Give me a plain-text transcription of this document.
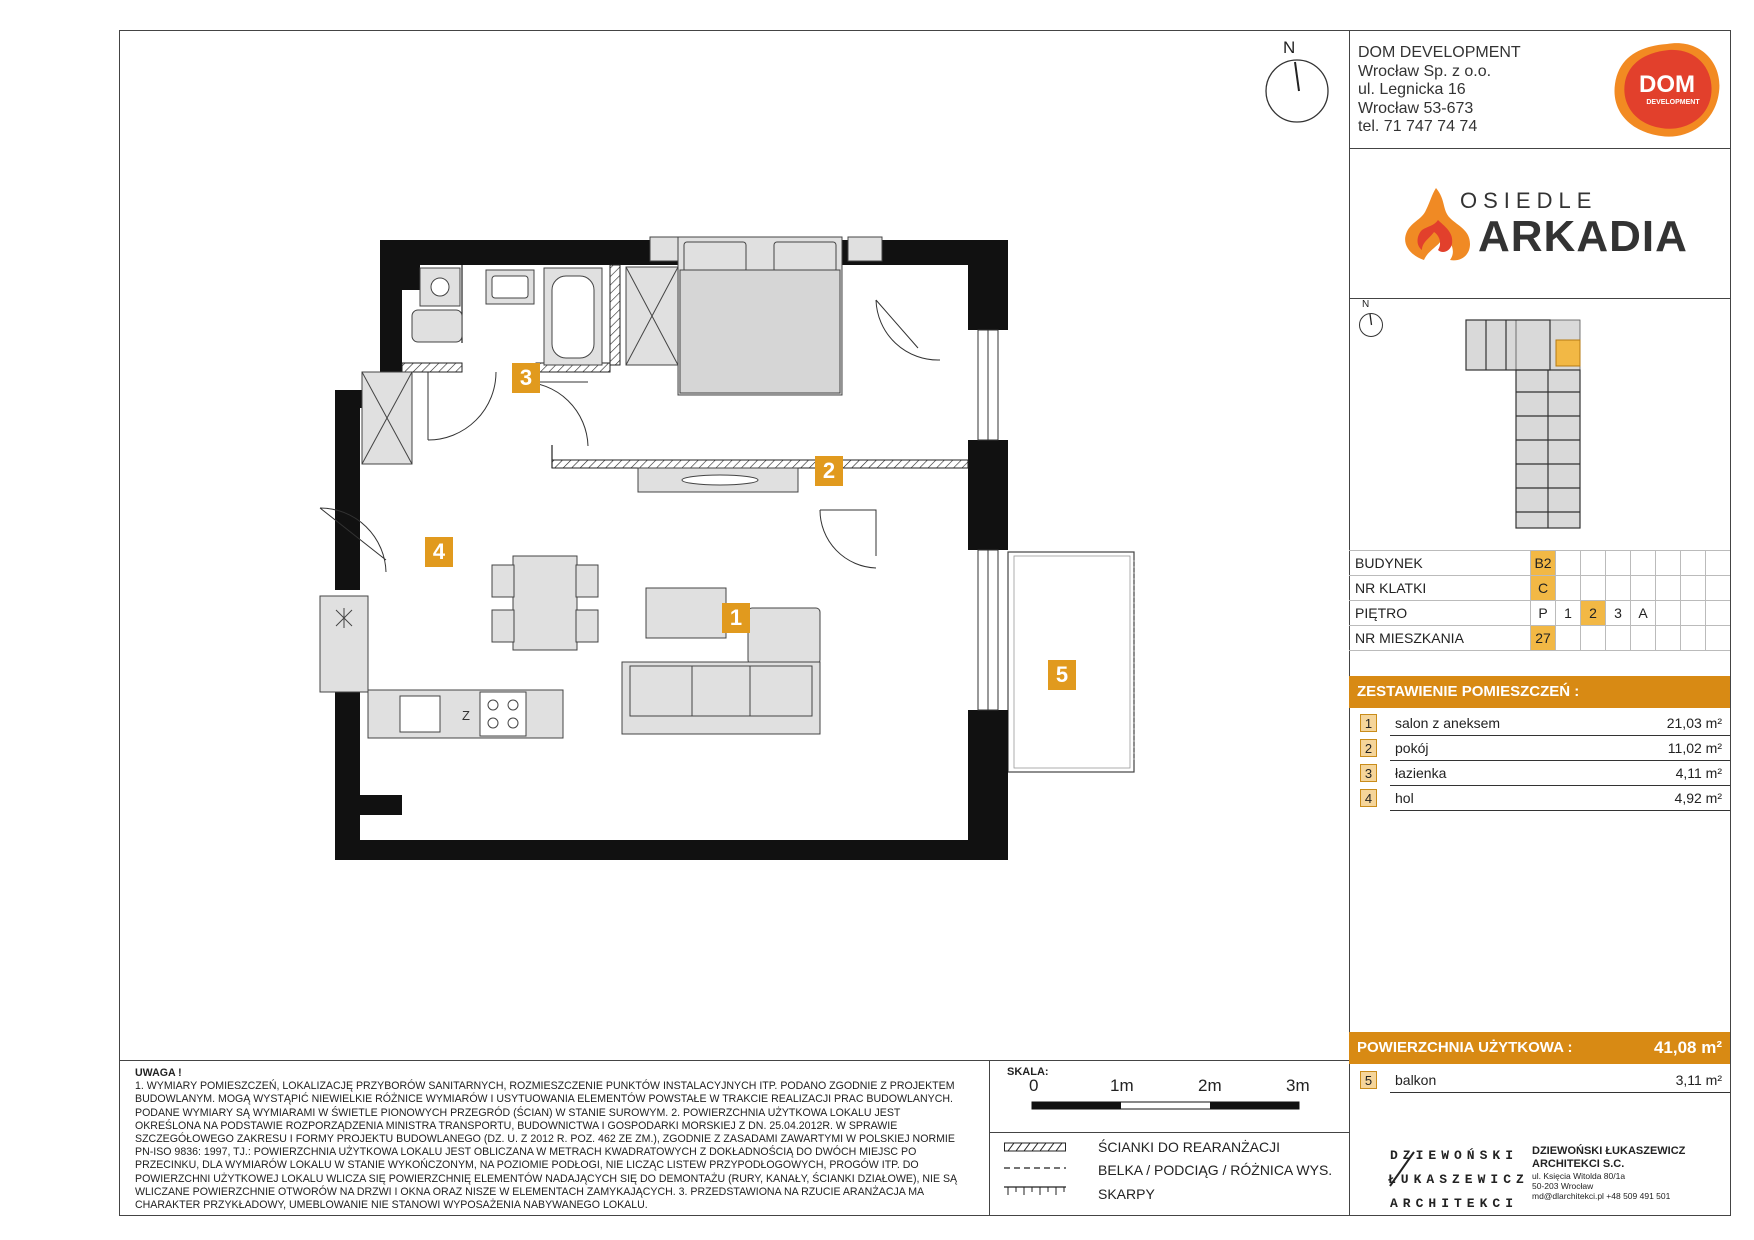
DOM DEVELOPMENT
Wrocław Sp. z o.o.
ul. Legnicka 16
Wrocław 53-673
tel. 71 747 74 74
DOM
DEVELOPMENT
OSIEDLE
ARKADIA
N
N
BUDYNEK	B2							
NR KLATKI	C							
PIĘTRO	P	1	2	3	A			
NR MIESZKANIA	27							
ZESTAWIENIE POMIESZCZEŃ :
1	salon z aneksem	21,03 m²
2	pokój	11,02 m²
3	łazienka	4,11 m²
4	hol	4,92 m²
POWIERZCHNIA UŻYTKOWA :	41,08 m²
5	balkon	3,11 m²
UWAGA !
1. WYMIARY POMIESZCZEŃ, LOKALIZACJĘ PRZYBORÓW SANITARNYCH, ROZMIESZCZENIE PUNKTÓW INSTALACYJNYCH ITP. PODANO ZGODNIE Z PROJEKTEM BUDOWLANYM. MOGĄ WYSTĄPIĆ NIEWIELKIE RÓŻNICE WYMIARÓW I USYTUOWANIA ELEMENTÓW POWSTAŁE W TRAKCIE REALIZACJI PRAC BUDOWLANYCH. PODANE WYMIARY SĄ WYMIARAMI W ŚWIETLE PIONOWYCH PRZEGRÓD (ŚCIAN) W STANIE SUROWYM. 2. POWIERZCHNIA UŻYTKOWA LOKALU JEST OKREŚLONA NA PODSTAWIE ROZPORZĄDZENIA MINISTRA TRANSPORTU, BUDOWNICTWA I GOSPODARKI MORSKIEJ Z DN. 25.04.2012R. W SPRAWIE SZCZEGÓŁOWEGO ZAKRESU I FORMY PROJEKTU BUDOWLANEGO (DZ. U. Z 2012 R. POZ. 462 ZE ZM.), ZGODNIE Z ZASADAMI ZAWARTYMI W POLSKIEJ NORMIE PN-ISO 9836: 1997, TJ.: POWIERZCHNIA UŻYTKOWA LOKALU JEST OBLICZANA W METRACH KWADRATOWYCH Z DOKŁADNOŚCIĄ DO DWÓCH MIEJSC PO PRZECINKU, DLA WYMIARÓW LOKALU W STANIE WYKOŃCZONYM, NA POZIOMIE PODŁOGI, NIE LICZĄC LISTEW PRZYPODŁOGOWYCH, PROGÓW ITP. DO POWIERZCHNI UŻYTKOWEJ LOKALU WLICZA SIĘ POWIERZCHNIĘ ELEMENTÓW NADAJĄCYCH SIĘ DO DEMONTAŻU (RURY, KANAŁY, ŚCIANKI DZIAŁOWE), NIE SĄ WLICZANE POWIERZCHNIE OTWORÓW NA DRZWI I OKNA ORAZ NISZE W ELEMENTACH ZAMYKAJĄCYCH. 3. PRZEDSTAWIONA NA RZUCIE ARANŻACJA MA CHARAKTER PRZYKŁADOWY, UMEBLOWANIE NIE STANOWI WYPOSAŻENIA NABYWANEGO LOKALU.
SKALA:
0	1m	2m	3m
ŚCIANKI DO REARANŻACJI
BELKA / PODCIĄG / RÓŻNICA WYS.
SKARPY
DZIEWOŃSKI
ŁUKASZEWICZ
ARCHITEKCI
DZIEWOŃSKI ŁUKASZEWICZ
ARCHITEKCI S.C.
ul. Księcia Witolda 80/1a
50-203 Wrocław
md@dlarchitekci.pl +48 509 491 501
Z
1
2
3
4
5
